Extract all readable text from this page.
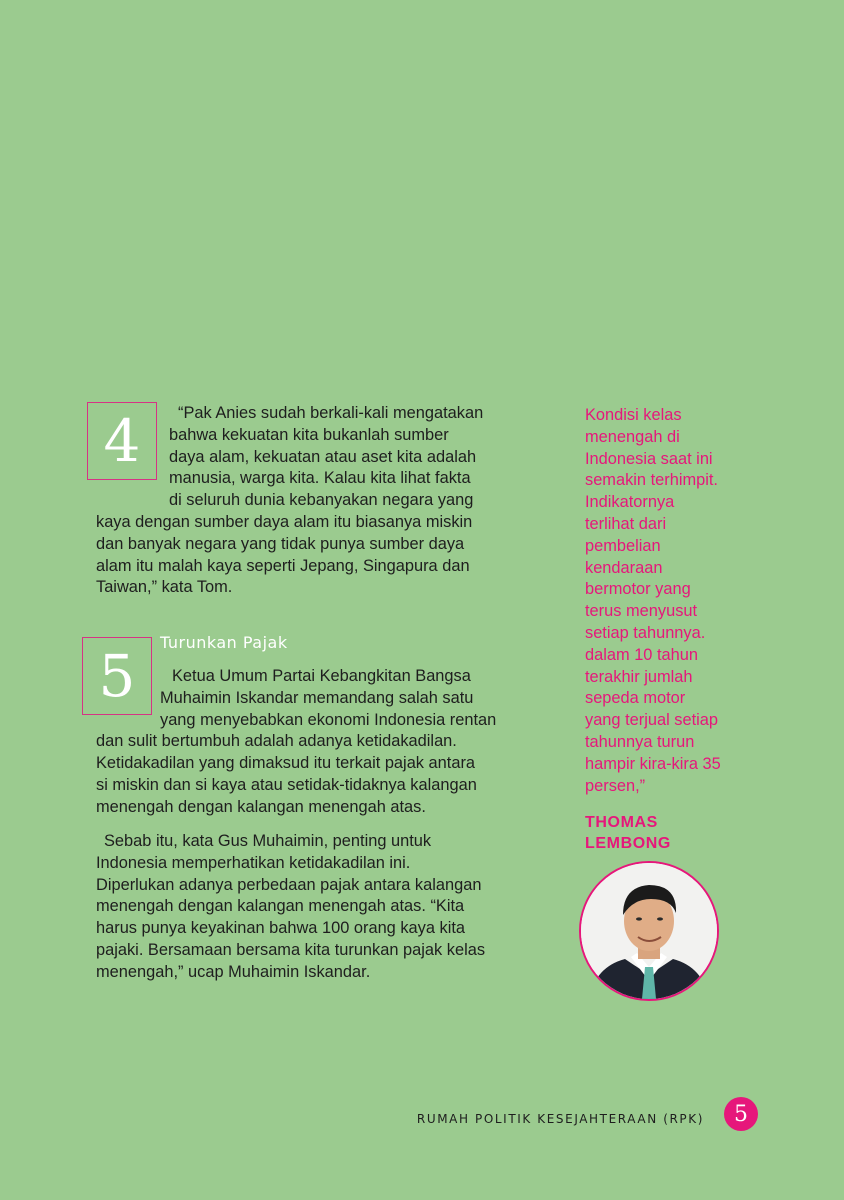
4	“Pak Anies sudah berkali-kali mengatakan
bahwa kekuatan kita bukanlah sumber
daya alam, kekuatan atau aset kita adalah
manusia, warga kita. Kalau kita lihat fakta
di seluruh dunia kebanyakan negara yang
kaya dengan sumber daya alam itu biasanya miskin
dan banyak negara yang tidak punya sumber daya
alam itu malah kaya seperti Jepang, Singapura dan
Taiwan,” kata Tom.
5 Turunkan Pajak
Ketua Umum Partai Kebangkitan Bangsa
Muhaimin Iskandar memandang salah satu
yang menyebabkan ekonomi Indonesia rentan
dan sulit bertumbuh adalah adanya ketidakadilan.
Ketidakadilan yang dimaksud itu terkait pajak antara
si miskin dan si kaya atau setidak-tidaknya kalangan
menengah dengan kalangan menengah atas.
Sebab itu, kata Gus Muhaimin, penting untuk
Indonesia memperhatikan ketidakadilan ini.
Diperlukan adanya perbedaan pajak antara kalangan
menengah dengan kalangan menengah atas. “Kita
harus punya keyakinan bahwa 100 orang kaya kita
pajaki. Bersamaan bersama kita turunkan pajak kelas
menengah,” ucap Muhaimin Iskandar.
Kondisi kelas
menengah di
Indonesia saat ini
semakin terhimpit.
Indikatornya
terlihat dari
pembelian
kendaraan
bermotor yang
terus menyusut
setiap tahunnya.
dalam 10 tahun
terakhir jumlah
sepeda motor
yang terjual setiap
tahunnya turun
hampir kira-kira 35
persen,”
THOMAS
LEMBONG
RUMAH POLITIK KESEJAHTERAAN (RPK) 5
